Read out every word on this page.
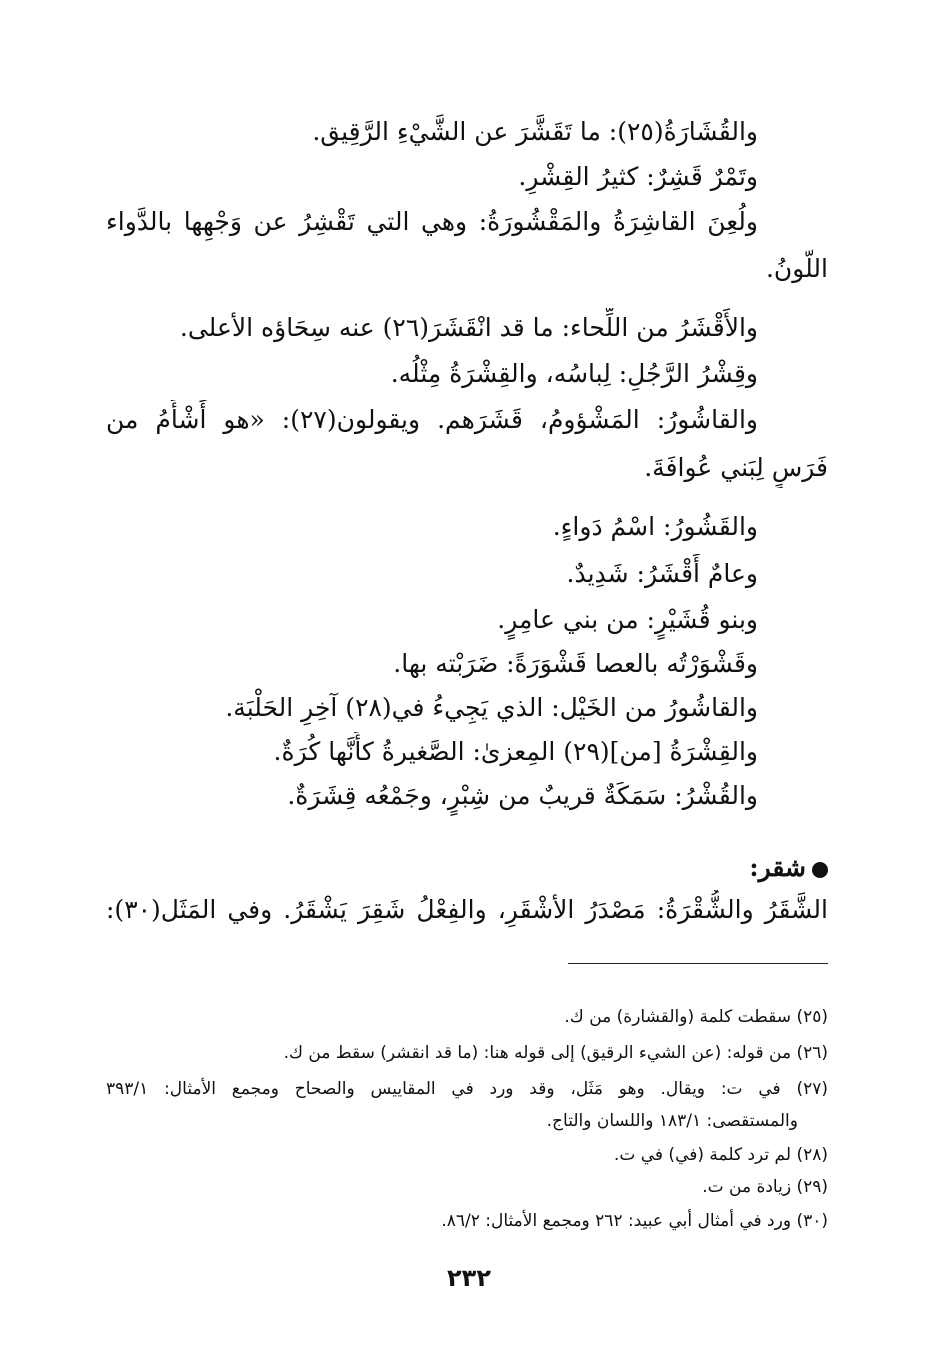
والقُشَارَةُ(٢٥): ما تَقَشَّرَ عن الشَّيْءِ الرَّقِيق.
وتَمْرٌ قَشِرٌ: كثيرُ القِشْرِ.
ولُعِنَ القاشِرَةُ والمَقْشُورَةُ: وهي التي تَقْشِرُ عن وَجْهِها بالدَّواء
اللَّونُ.
والأَقْشَرُ من اللِّحاء: ما قد انْقَشَرَ(٢٦) عنه سِحَاؤه الأعلى.
وقِشْرُ الرَّجُلِ: لِباسُه، والقِشْرَةُ مِثْلُه.
والقاشُورُ: المَشْؤومُ، قَشَرَهم. ويقولون(٢٧): «هو أَشْأَمُ من
فَرَسٍ لِبَني عُوافَةَ.
والقَشُورُ: اسْمُ دَواءٍ.
وعامٌ أَقْشَرُ: شَدِيدٌ.
وبنو قُشَيْرٍ: من بني عامِرٍ.
وقَشْوَرْتُه بالعصا قَشْوَرَةً: ضَرَبْته بها.
والقاشُورُ من الخَيْل: الذي يَجِيءُ في(٢٨) آخِرِ الحَلْبَة.
والقِشْرَةُ [من](٢٩) المِعزىٰ: الصَّغيرةُ كأَنَّها كُرَةٌ.
والقُشْرُ: سَمَكَةٌ قريبٌ من شِبْرٍ، وجَمْعُه قِشَرَةٌ.
شقر:
الشَّقَرُ والشُّقْرَةُ: مَصْدَرُ الأشْقَرِ، والفِعْلُ شَقِرَ يَشْقَرُ. وفي المَثَل(٣٠):
(٢٥) سقطت كلمة (والقشارة) من ك.
(٢٦) من قوله: (عن الشيء الرقيق) إلى قوله هنا: (ما قد انقشر) سقط من ك.
(٢٧) في ت: ويقال. وهو مَثَل، وقد ورد في المقاييس والصحاح ومجمع الأمثال: ٣٩٣/١
والمستقصى: ١٨٣/١ واللسان والتاج.
(٢٨) لم ترد كلمة (في) في ت.
(٢٩) زيادة من ت.
(٣٠) ورد في أمثال أبي عبيد: ٢٦٢ ومجمع الأمثال: ٨٦/٢.
٢٣٢
